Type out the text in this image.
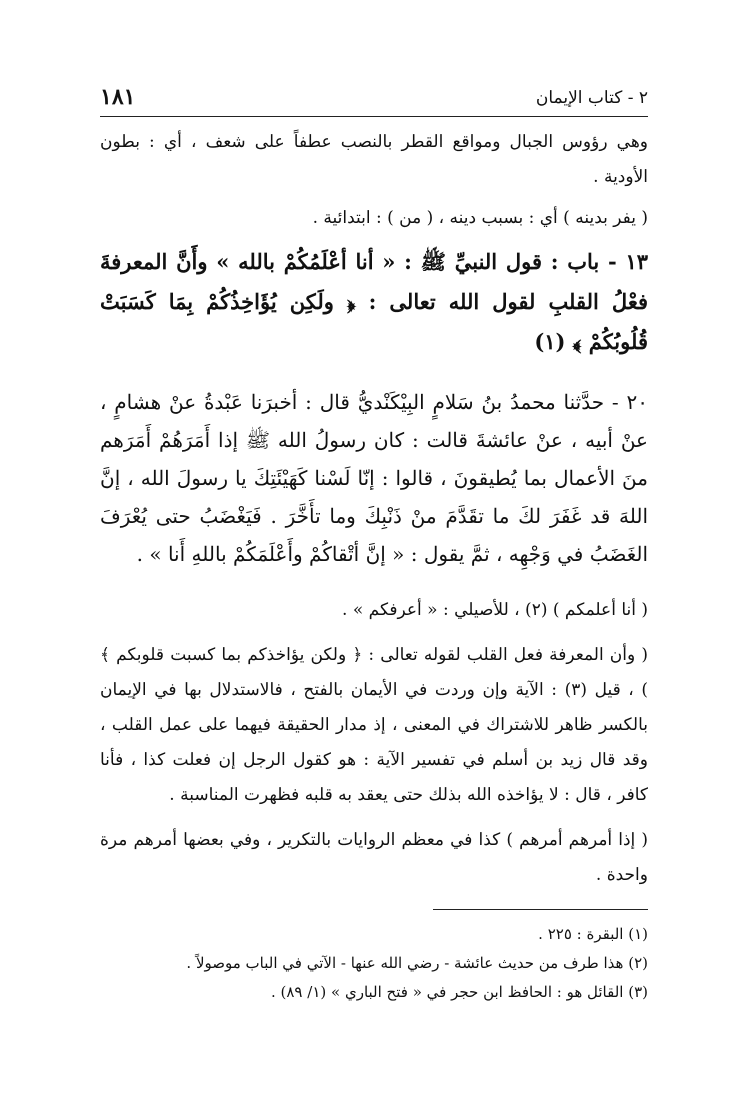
٢ - كتاب الإيمان
١٨١

وهي رؤوس الجبال ومواقع القطر بالنصب عطفاً على شعف ، أي : بطون الأودية .

( يفر بدينه ) أي : بسبب دينه ، ( من ) : ابتدائية .

١٣ - باب : قول النبيِّ ﷺ : « أنا أعْلَمُكُمْ بالله » وأَنَّ المعرفةَ فعْلُ القلبِ لقول الله تعالى : ﴿ ولَكِن يُؤَاخِذُكُمْ بِمَا كَسَبَتْ قُلُوبُكُمْ ﴾ (١)

٢٠ - حدَّثنا محمدُ بنُ سَلامٍ البِيْكَنْديُّ قال : أخبرَنا عَبْدةُ عنْ هشامٍ ، عنْ أبيه ، عنْ عائشةَ قالت : كان رسولُ الله ﷺ إذا أَمَرَهُمْ أَمَرَهم منَ الأعمال بما يُطيقونَ ، قالوا : إنّا لَسْنا كَهَيْئَتِكَ يا رسولَ الله ، إنَّ اللهَ قد غَفَرَ لكَ ما تقَدَّمَ منْ ذَنْبِكَ وما تأَخَّرَ . فَيَغْضَبُ حتى يُعْرَفَ الغَضَبُ في وَجْهِه ، ثمَّ يقول : « إنَّ أتْقاكُمْ وأَعْلَمَكُمْ باللهِ أَنا » .

( أنا أعلمكم ) (٢) ، للأصيلي : « أعرفكم » .

( وأن المعرفة فعل القلب لقوله تعالى : ﴿ ولكن يؤاخذكم بما كسبت قلوبكم ﴾ ) ، قيل (٣) : الآية وإن وردت في الأيمان بالفتح ، فالاستدلال بها في الإيمان بالكسر ظاهر للاشتراك في المعنى ، إذ مدار الحقيقة فيهما على عمل القلب ، وقد قال زيد بن أسلم في تفسير الآية : هو كقول الرجل إن فعلت كذا ، فأنا كافر ، قال : لا يؤاخذه الله بذلك حتى يعقد به قلبه فظهرت المناسبة .

( إذا أمرهم أمرهم ) كذا في معظم الروايات بالتكرير ، وفي بعضها أمرهم مرة واحدة .

(١) البقرة : ٢٢٥ .

(٢) هذا طرف من حديث عائشة - رضي الله عنها - الآتي في الباب موصولاً .

(٣) القائل هو : الحافظ ابن حجر في « فتح الباري » (١/ ٨٩) .
